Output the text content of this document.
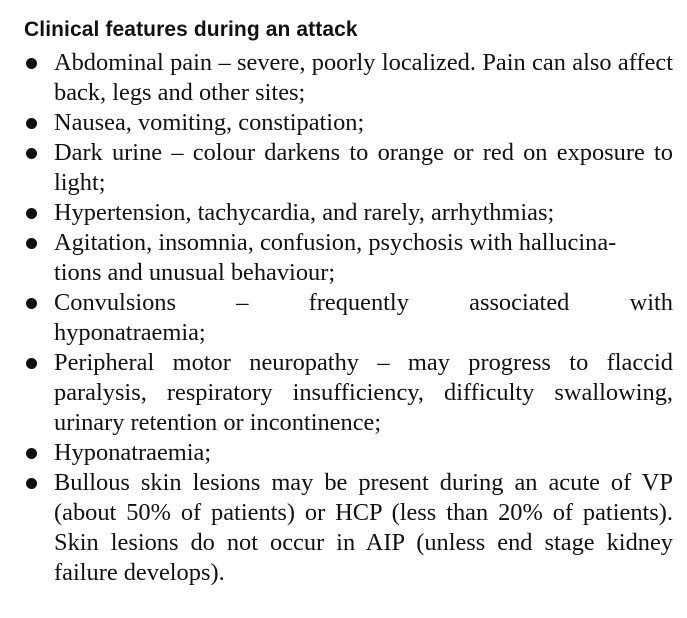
Clinical features during an attack
Abdominal pain – severe, poorly localized. Pain can also affect back, legs and other sites;
Nausea, vomiting, constipation;
Dark urine – colour darkens to orange or red on exposure to light;
Hypertension, tachycardia, and rarely, arrhythmias;
Agitation, insomnia, confusion, psychosis with hallucina-
tions and unusual behaviour;
Convulsions – frequently associated with
hyponatraemia;
Peripheral motor neuropathy – may progress to flaccid paralysis, respiratory insufficiency, difficulty swallowing, urinary retention or incontinence;
Hyponatraemia;
Bullous skin lesions may be present during an acute of VP (about 50% of patients) or HCP (less than 20% of patients). Skin lesions do not occur in AIP (unless end stage kidney failure develops).
